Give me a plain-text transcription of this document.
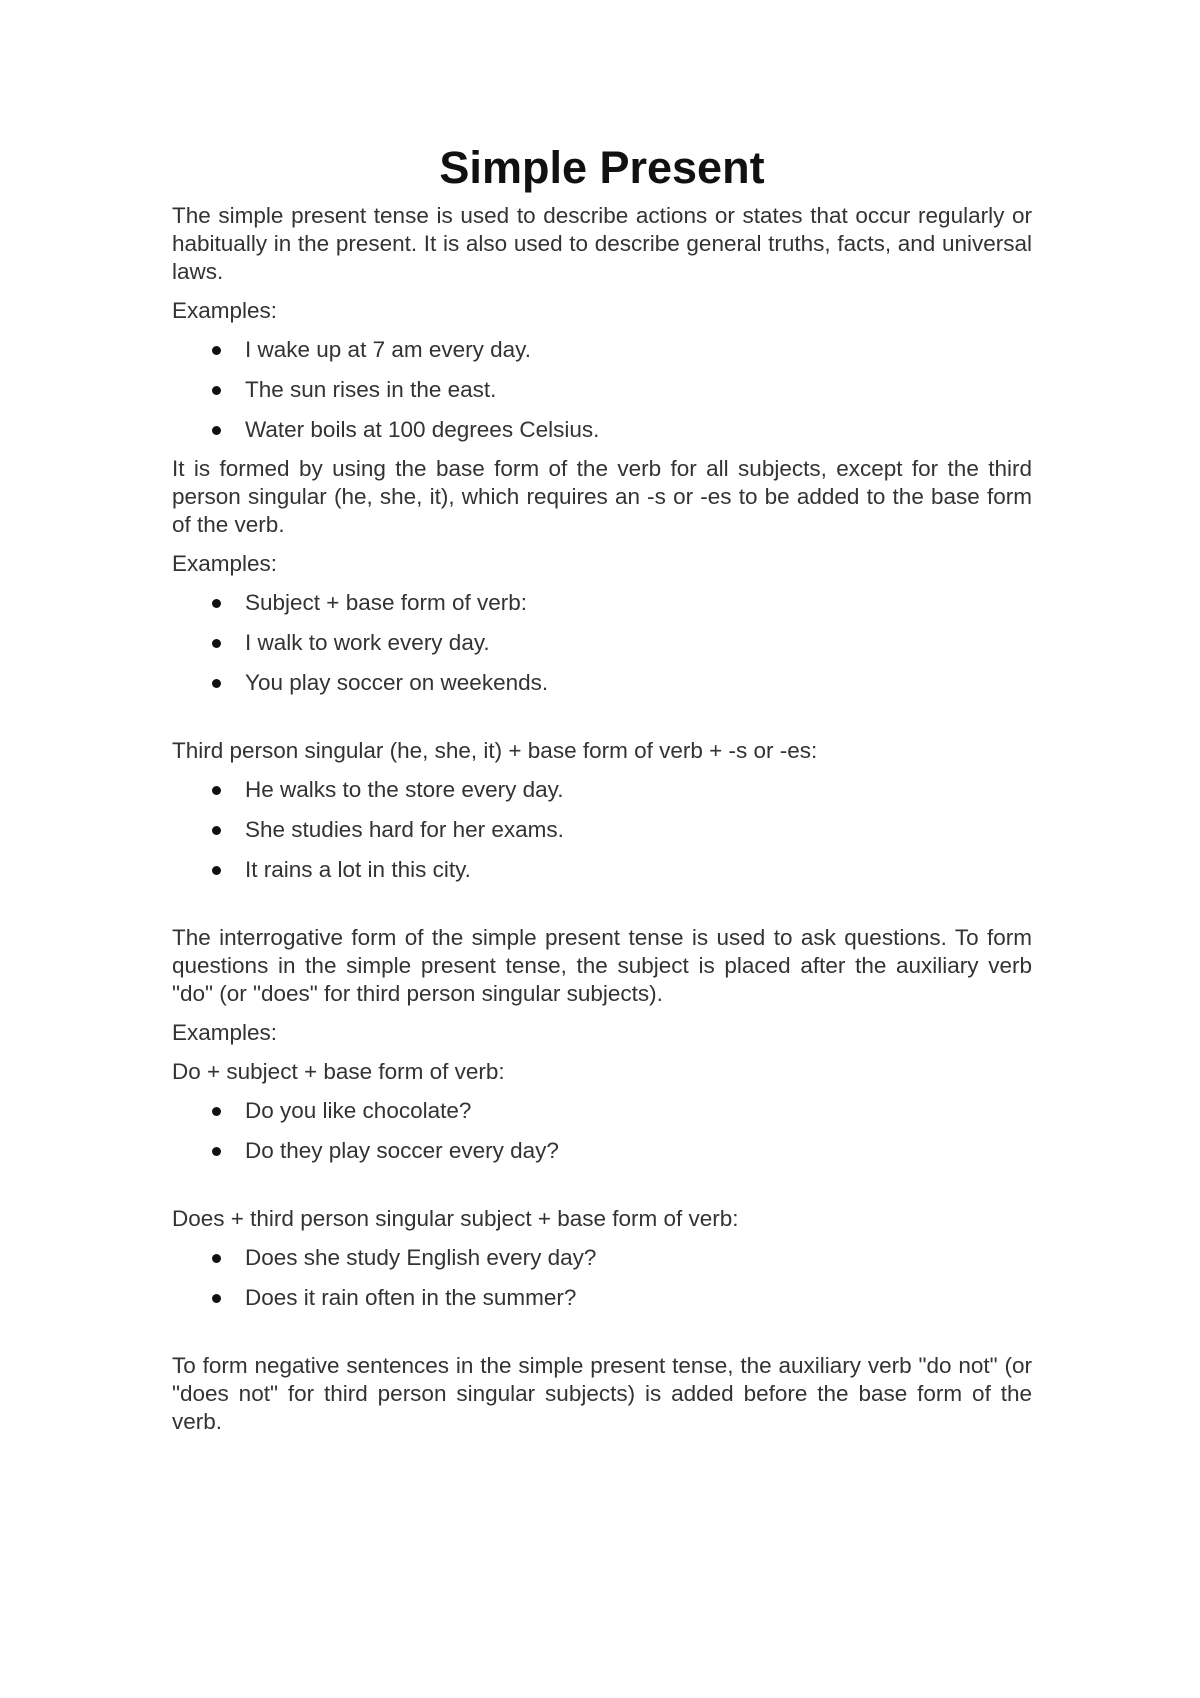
Simple Present

The simple present tense is used to describe actions or states that occur regularly or habitually in the present. It is also used to describe general truths, facts, and universal laws.

Examples:

I wake up at 7 am every day.
The sun rises in the east.
Water boils at 100 degrees Celsius.

It is formed by using the base form of the verb for all subjects, except for the third person singular (he, she, it), which requires an -s or -es to be added to the base form of the verb.

Examples:

Subject + base form of verb:
I walk to work every day.
You play soccer on weekends.

Third person singular (he, she, it) + base form of verb + -s or -es:

He walks to the store every day.
She studies hard for her exams.
It rains a lot in this city.

The interrogative form of the simple present tense is used to ask questions. To form questions in the simple present tense, the subject is placed after the auxiliary verb "do" (or "does" for third person singular subjects).

Examples:

Do + subject + base form of verb:

Do you like chocolate?
Do they play soccer every day?

Does + third person singular subject + base form of verb:

Does she study English every day?
Does it rain often in the summer?

To form negative sentences in the simple present tense, the auxiliary verb "do not" (or "does not" for third person singular subjects) is added before the base form of the verb.
